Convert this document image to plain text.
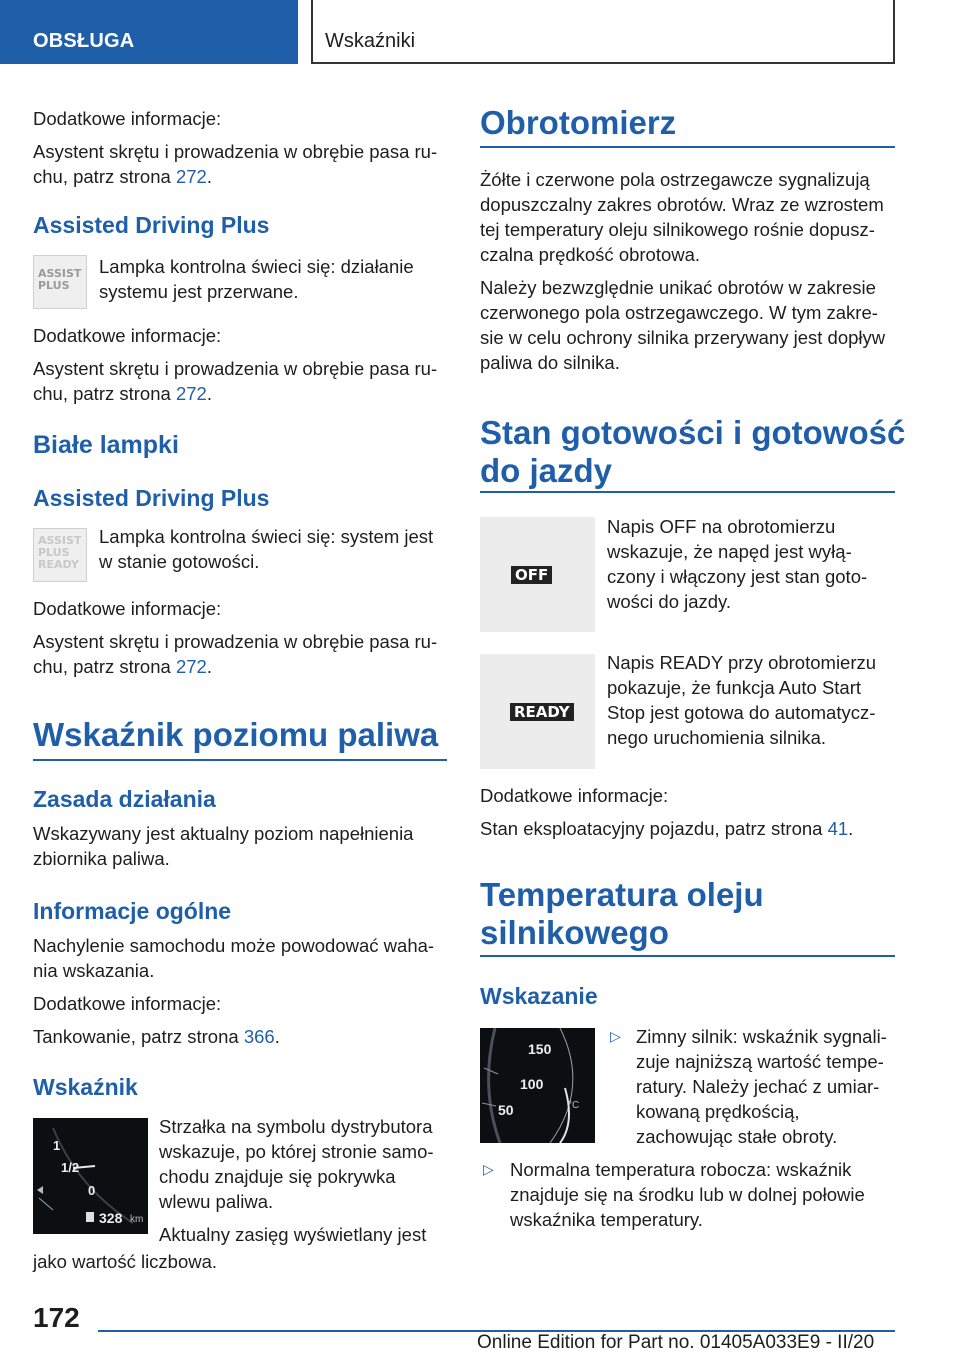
OBSŁUGA	Wskaźniki

Dodatkowe informacje:

Asystent skrętu i prowadzenia w obrębie pasa ru-

chu, patrz strona 272.

Assisted Driving Plus
ASSIST
PLUS

Lampka kontrolna świeci się: działanie

systemu jest przerwane.

Dodatkowe informacje:

Asystent skrętu i prowadzenia w obrębie pasa ru-

chu, patrz strona 272.

Białe lampki
Assisted Driving Plus
ASSIST
PLUS
READY

Lampka kontrolna świeci się: system jest

w stanie gotowości.

Dodatkowe informacje:

Asystent skrętu i prowadzenia w obrębie pasa ru-

chu, patrz strona 272.

Wskaźnik poziomu paliwa
Zasada działania

Wskazywany jest aktualny poziom napełnienia

zbiornika paliwa.

Informacje ogólne

Nachylenie samochodu może powodować waha-

nia wskazania.

Dodatkowe informacje:

Tankowanie, patrz strona 366.

Wskaźnik
1
1/2
0
328 km

Strzałka na symbolu dystrybutora

wskazuje, po której stronie samo-

chodu znajduje się pokrywka

wlewu paliwa.

Aktualny zasięg wyświetlany jest

jako wartość liczbowa.

Obrotomierz

Żółte i czerwone pola ostrzegawcze sygnalizują

dopuszczalny zakres obrotów. Wraz ze wzrostem

tej temperatury oleju silnikowego rośnie dopusz-

czalna prędkość obrotowa.

Należy bezwzględnie unikać obrotów w zakresie

czerwonego pola ostrzegawczego. W tym zakre-

sie w celu ochrony silnika przerywany jest dopływ

paliwa do silnika.

Stan gotowości i gotowość
do jazdy
OFF

Napis OFF na obrotomierzu

wskazuje, że napęd jest wyłą-

czony i włączony jest stan goto-

wości do jazdy.

READY

Napis READY przy obrotomierzu

pokazuje, że funkcja Auto Start

Stop jest gotowa do automatycz-

nego uruchomienia silnika.

Dodatkowe informacje:

Stan eksploatacyjny pojazdu, patrz strona 41.

Temperatura oleju
silnikowego
Wskazanie
150
100
50	°C
▷ Zimny silnik: wskaźnik sygnali-

zuje najniższą wartość tempe-

ratury. Należy jechać z umiar-

kowaną prędkością,

zachowując stałe obroty.

▷ Normalna temperatura robocza: wskaźnik

znajduje się na środku lub w dolnej połowie

wskaźnika temperatury.

172
Online Edition for Part no. 01405A033E9 - II/20
